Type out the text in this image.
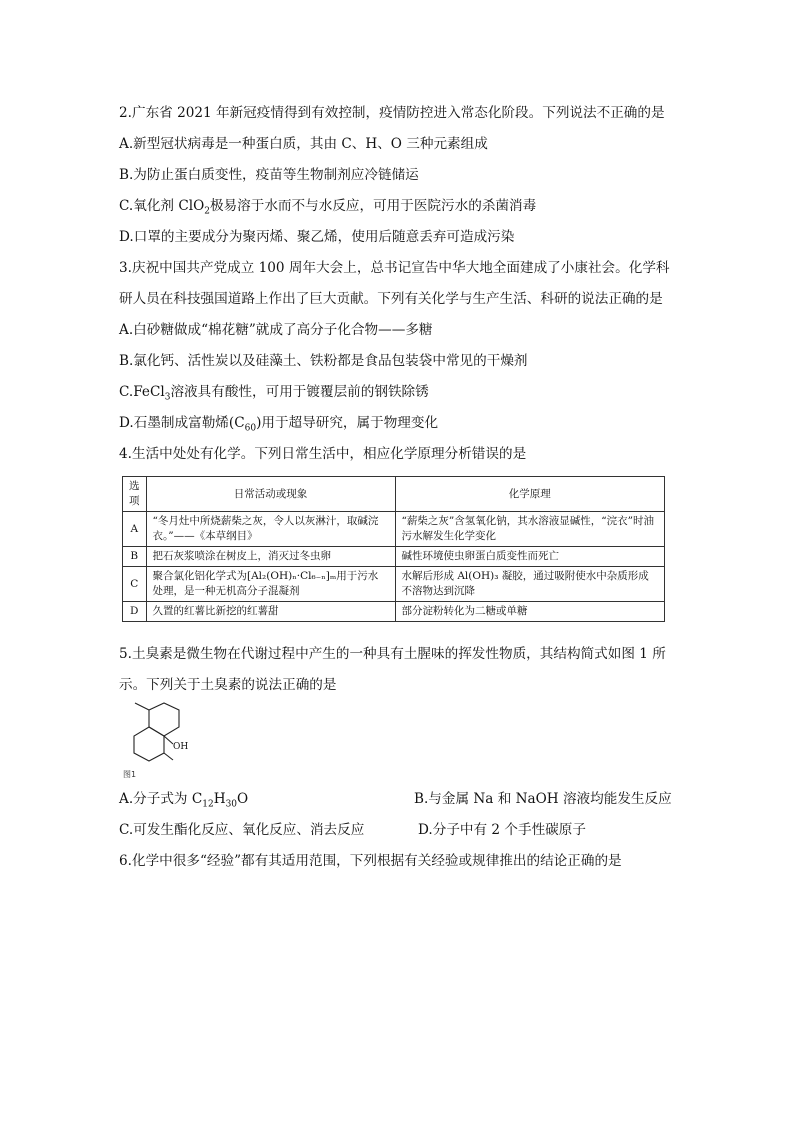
2.广东省 2021 年新冠疫情得到有效控制，疫情防控进入常态化阶段。下列说法不正确的是
A.新型冠状病毒是一种蛋白质，其由 C、H、O 三种元素组成
B.为防止蛋白质变性，疫苗等生物制剂应冷链储运
C.氧化剂 ClO$_2$极易溶于水而不与水反应，可用于医院污水的杀菌消毒
D.口罩的主要成分为聚丙烯、聚乙烯，使用后随意丢弃可造成污染
3.庆祝中国共产党成立 100 周年大会上，总书记宣告中华大地全面建成了小康社会。化学科
研人员在科技强国道路上作出了巨大贡献。下列有关化学与生产生活、科研的说法正确的是
A.白砂糖做成“棉花糖”就成了高分子化合物——多糖
B.氯化钙、活性炭以及硅藻土、铁粉都是食品包装袋中常见的干燥剂
C.FeCl$_3$溶液具有酸性，可用于镀覆层前的钢铁除锈
D.石墨制成富勒烯$(C_{60})$用于超导研究，属于物理变化
4.生活中处处有化学。下列日常生活中，相应化学原理分析错误的是
选项	日常活动或现象	化学原理
A	“冬月灶中所烧薪柴之灰，令人以灰淋汁，取碱浣衣。”——《本草纲目》	“薪柴之灰”含氢氧化钠，其水溶液显碱性，“浣衣”时油污水解发生化学变化
B	把石灰浆喷涂在树皮上，消灭过冬虫卵	碱性环境使虫卵蛋白质变性而死亡
C	聚合氯化铝化学式为[Al₂(OH)ₙ·Cl₆₋ₙ]ₘ用于污水处理，是一种无机高分子混凝剂	水解后形成 Al(OH)₃ 凝胶，通过吸附使水中杂质形成不溶物达到沉降
D	久置的红薯比新挖的红薯甜	部分淀粉转化为二糖或单糖
5.土臭素是微生物在代谢过程中产生的一种具有土腥味的挥发性物质，其结构简式如图 1 所
示。下列关于土臭素的说法正确的是
OH
图1
A.分子式为 $C_{12}H_{30}O$	B.与金属 Na 和 NaOH 溶液均能发生反应
C.可发生酯化反应、氧化反应、消去反应	D.分子中有 2 个手性碳原子
6.化学中很多“经验”都有其适用范围，下列根据有关经验或规律推出的结论正确的是
